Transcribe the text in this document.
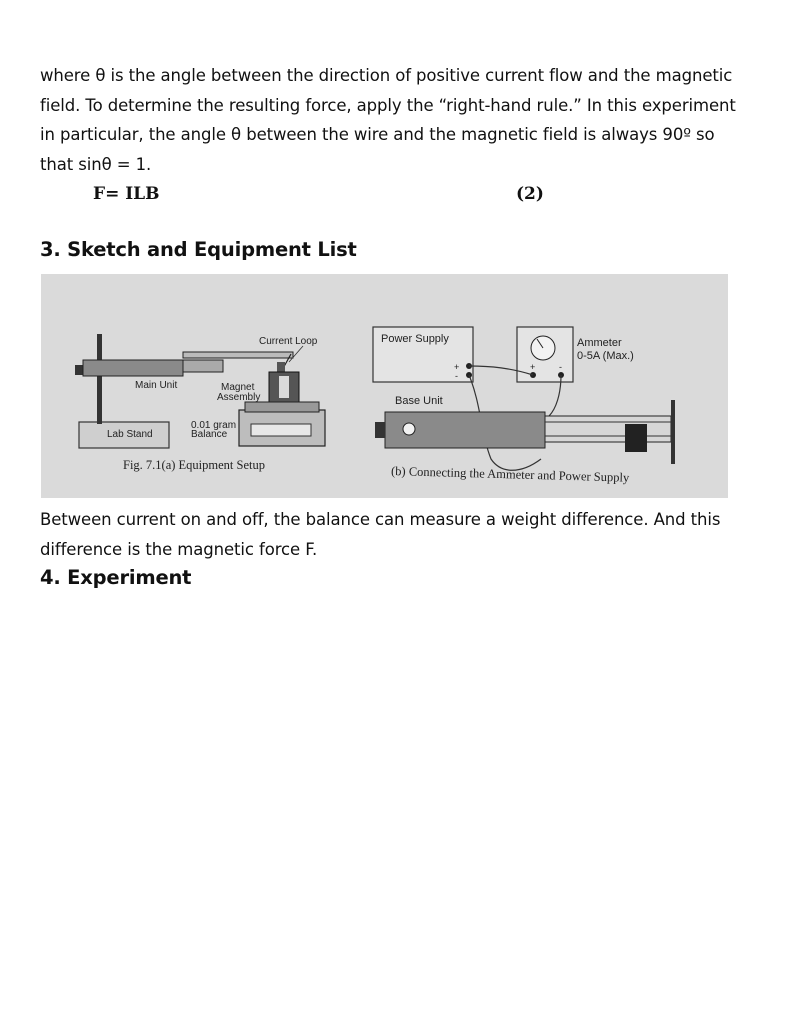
where θ is the angle between the direction of positive current flow and the magnetic field. To determine the resulting force, apply the “right-hand rule.” In this experiment in particular, the angle θ between the wire and the magnetic field is always 90º so that sinθ = 1.
F= ILB	(2)
3. Sketch and Equipment List
Current Loop
Main Unit	Magnet
Assembly
Lab Stand
0.01 gram
Balance
Fig. 7.1(a) Equipment Setup
Power Supply
+
-
+	-
Ammeter
0-5A (Max.)
Base Unit
(b) Connecting the Ammeter and Power Supply
Between current on and off, the balance can measure a weight difference. And this difference is the magnetic force F.
4. Experiment
